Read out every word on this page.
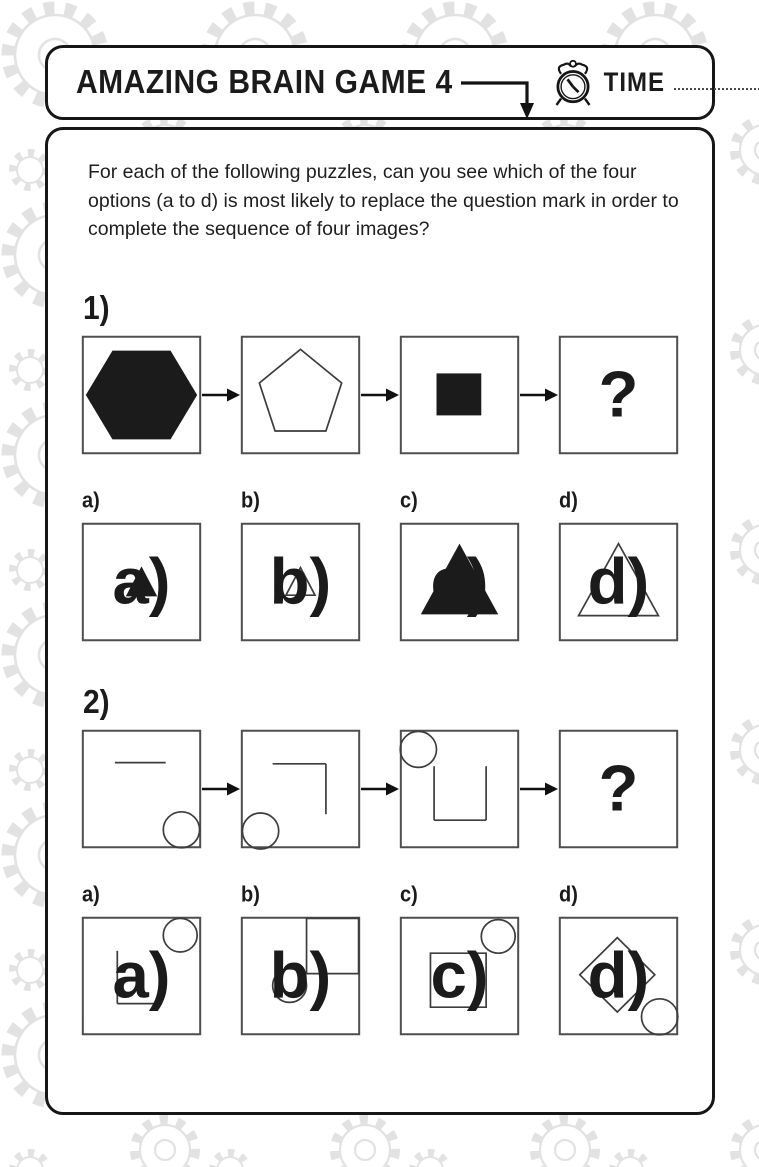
AMAZING BRAIN GAME 4	TIME

For each of the following puzzles, can you see which of the four options (a to d) is most likely to replace the question mark in order to complete the sequence of four images?

1)
?
a)
a)
b)
b)
c)
c)
d)
d)
2)
?
a)
a)
b)
b)
c)
c)
d)
d)
